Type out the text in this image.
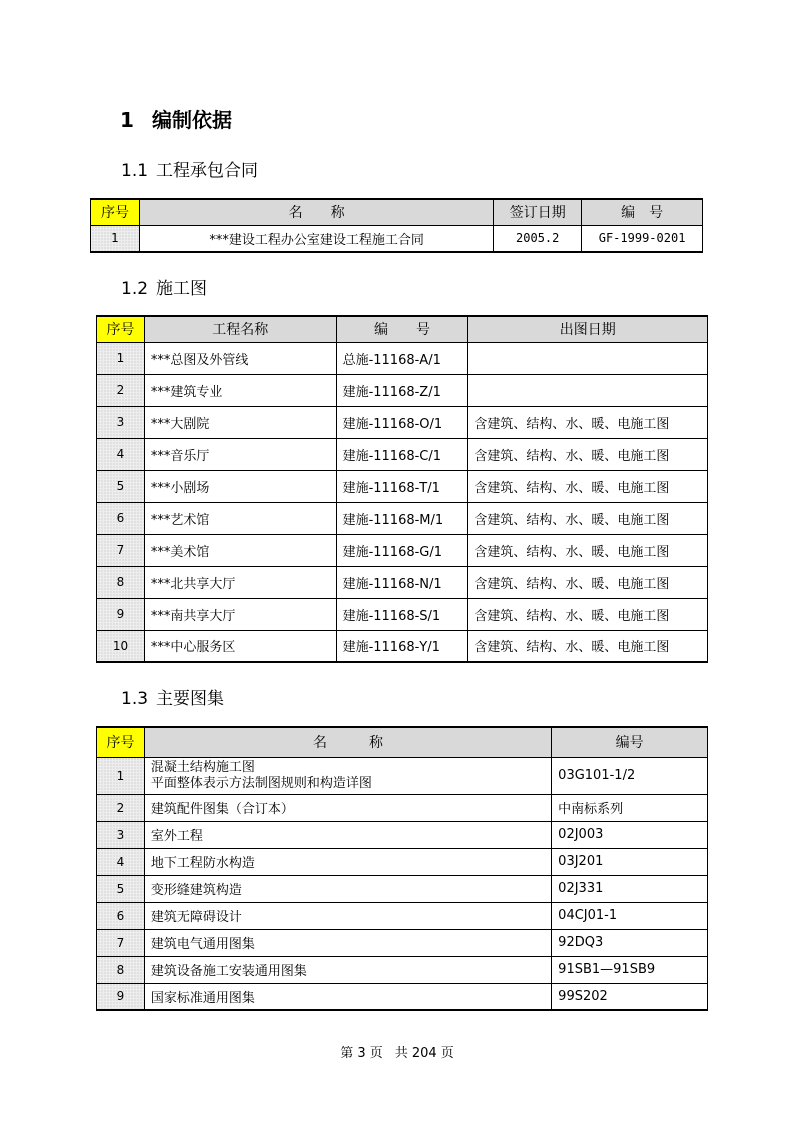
1 编制依据
1.1 工程承包合同
序号	名　　称	签订日期	编　号
1	***建设工程办公室建设工程施工合同	2005.2	GF-1999-0201
1.2 施工图
序号	工程名称	编　　号	出图日期
1	***总图及外管线	总施-11168-A/1	
2	***建筑专业	建施-11168-Z/1	
3	***大剧院	建施-11168-O/1	含建筑、结构、水、暖、电施工图
4	***音乐厅	建施-11168-C/1	含建筑、结构、水、暖、电施工图
5	***小剧场	建施-11168-T/1	含建筑、结构、水、暖、电施工图
6	***艺术馆	建施-11168-M/1	含建筑、结构、水、暖、电施工图
7	***美术馆	建施-11168-G/1	含建筑、结构、水、暖、电施工图
8	***北共享大厅	建施-11168-N/1	含建筑、结构、水、暖、电施工图
9	***南共享大厅	建施-11168-S/1	含建筑、结构、水、暖、电施工图
10	***中心服务区	建施-11168-Y/1	含建筑、结构、水、暖、电施工图
1.3 主要图集
序号	名　　　称	编号
1	混凝土结构施工图
平面整体表示方法制图规则和构造详图	03G101-1/2
2	建筑配件图集（合订本）	中南标系列
3	室外工程	02J003
4	地下工程防水构造	03J201
5	变形缝建筑构造	02J331
6	建筑无障碍设计	04CJ01-1
7	建筑电气通用图集	92DQ3
8	建筑设备施工安装通用图集	91SB1—91SB9
9	国家标准通用图集	99S202
第 3 页 共 204 页
